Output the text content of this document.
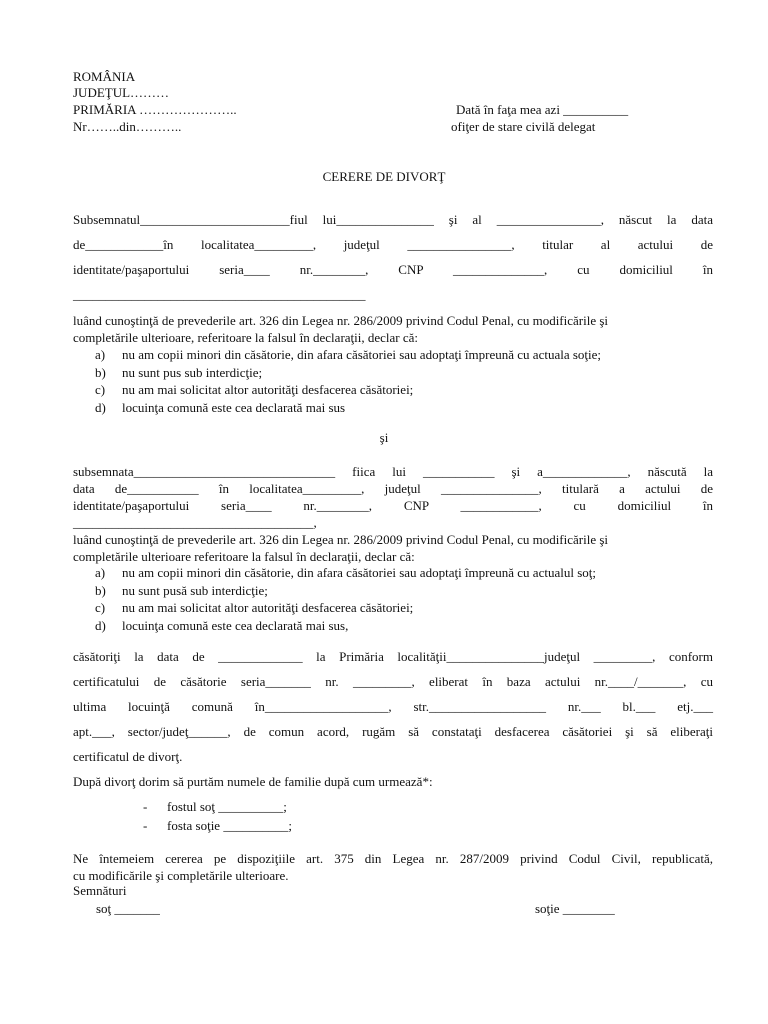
ROMÂNIA
JUDEŢUL………
PRIMĂRIA …………………..
Nr……..din………..
Dată în faţa mea azi __________
ofiţer de stare civilă delegat
CERERE DE DIVORŢ
Subsemnatul_______________________fiul lui_______________ şi al ________________, născut la data
de____________în localitatea_________, judeţul ________________, titular al actului de
identitate/paşaportului seria____ nr.________, CNP ______________, cu domiciliul în
_____________________________________________
luând cunoştinţă de prevederile art. 326 din Legea nr. 286/2009 privind Codul Penal, cu modificările şi
completările ulterioare, referitoare la falsul în declaraţii, declar că:
a) nu am copii minori din căsătorie, din afara căsătoriei sau adoptaţi împreună cu actuala soţie;
b) nu sunt pus sub interdicţie;
c) nu am mai solicitat altor autorităţi desfacerea căsătoriei;
d) locuinţa comună este cea declarată mai sus
şi
subsemnata_______________________________ fiica lui ___________ şi a_____________, născută la
data de___________ în localitatea_________, judeţul _______________, titulară a actului de
identitate/paşaportului seria____ nr.________, CNP ____________, cu domiciliul în
_____________________________________,
luând cunoştinţă de prevederile art. 326 din Legea nr. 286/2009 privind Codul Penal, cu modificările şi
completările ulterioare referitoare la falsul în declaraţii, declar că:
a) nu am copii minori din căsătorie, din afara căsătoriei sau adoptaţi împreună cu actualul soţ;
b) nu sunt pusă sub interdicţie;
c) nu am mai solicitat altor autorităţi desfacerea căsătoriei;
d) locuinţa comună este cea declarată mai sus,
căsătoriţi la data de _____________ la Primăria localităţii_______________judeţul _________, conform
certificatului de căsătorie seria_______ nr. _________, eliberat în baza actului nr.____/_______, cu
ultima locuinţă comună în___________________, str.__________________ nr.___ bl.___ etj.___
apt.___, sector/judeţ______, de comun acord, rugăm să constataţi desfacerea căsătoriei şi să eliberaţi
certificatul de divorţ.
După divorţ dorim să purtăm numele de familie după cum urmează*:
- fostul soţ __________;
- fosta soţie __________;
Ne întemeiem cererea pe dispoziţiile art. 375 din Legea nr. 287/2009 privind Codul Civil, republicată,
cu modificările şi completările ulterioare.
Semnături
soţ _______	soţie ________
